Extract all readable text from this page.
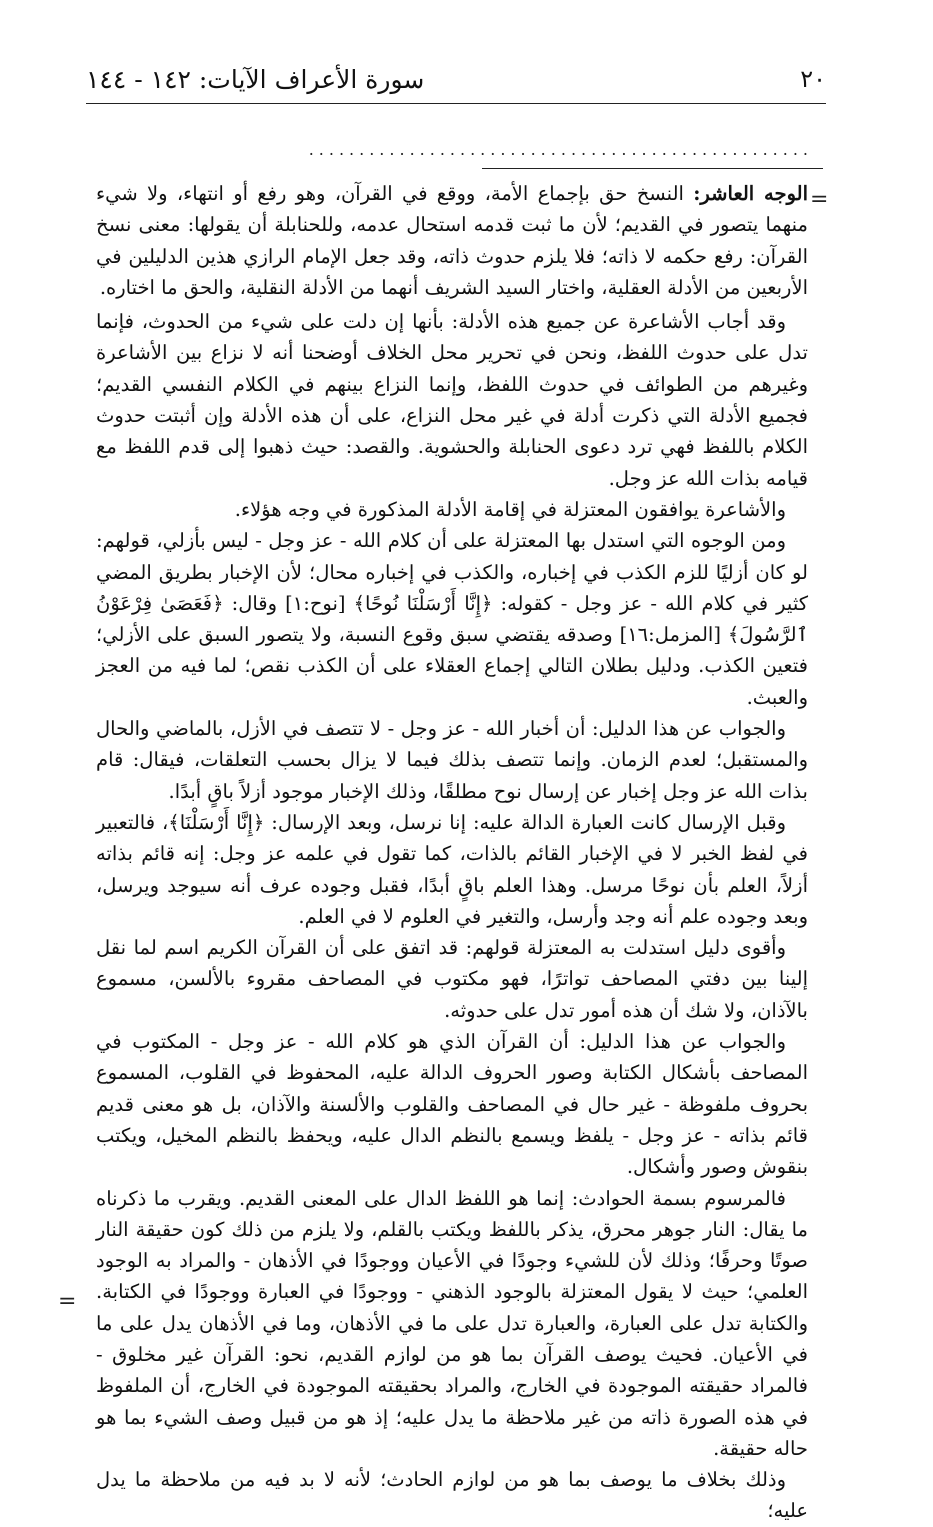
سورة الأعراف الآيات: ١٤٢ - ١٤٤	٢٠
..................................................
=
=

الوجه العاشر: النسخ حق بإجماع الأمة، ووقع في القرآن، وهو رفع أو انتهاء، ولا شيء منهما يتصور في القديم؛ لأن ما ثبت قدمه استحال عدمه، وللحنابلة أن يقولها: معنى نسخ القرآن: رفع حكمه لا ذاته؛ فلا يلزم حدوث ذاته، وقد جعل الإمام الرازي هذين الدليلين في الأربعين من الأدلة العقلية، واختار السيد الشريف أنهما من الأدلة النقلية، والحق ما اختاره.

وقد أجاب الأشاعرة عن جميع هذه الأدلة: بأنها إن دلت على شيء من الحدوث، فإنما تدل على حدوث اللفظ، ونحن في تحرير محل الخلاف أوضحنا أنه لا نزاع بين الأشاعرة وغيرهم من الطوائف في حدوث اللفظ، وإنما النزاع بينهم في الكلام النفسي القديم؛ فجميع الأدلة التي ذكرت أدلة في غير محل النزاع، على أن هذه الأدلة وإن أثبتت حدوث الكلام باللفظ فهي ترد دعوى الحنابلة والحشوية. والقصد: حيث ذهبوا إلى قدم اللفظ مع قيامه بذات الله عز وجل.

والأشاعرة يوافقون المعتزلة في إقامة الأدلة المذكورة في وجه هؤلاء.

ومن الوجوه التي استدل بها المعتزلة على أن كلام الله - عز وجل - ليس بأزلي، قولهم: لو كان أزليًا للزم الكذب في إخباره، والكذب في إخباره محال؛ لأن الإخبار بطريق المضي كثير في كلام الله - عز وجل - كقوله: ﴿إِنَّا أَرْسَلْنَا نُوحًا﴾ [نوح:١] وقال: ﴿فَعَصَىٰ فِرْعَوْنُ ٱلرَّسُولَ﴾ [المزمل:١٦] وصدقه يقتضي سبق وقوع النسبة، ولا يتصور السبق على الأزلي؛ فتعين الكذب. ودليل بطلان التالي إجماع العقلاء على أن الكذب نقص؛ لما فيه من العجز والعبث.

والجواب عن هذا الدليل: أن أخبار الله - عز وجل - لا تتصف في الأزل، بالماضي والحال والمستقبل؛ لعدم الزمان. وإنما تتصف بذلك فيما لا يزال بحسب التعلقات، فيقال: قام بذات الله عز وجل إخبار عن إرسال نوح مطلقًا، وذلك الإخبار موجود أزلاً باقٍ أبدًا.

وقبل الإرسال كانت العبارة الدالة عليه: إنا نرسل، وبعد الإرسال: ﴿إِنَّا أَرْسَلْنَا﴾، فالتعبير في لفظ الخبر لا في الإخبار القائم بالذات، كما تقول في علمه عز وجل: إنه قائم بذاته أزلاً، العلم بأن نوحًا مرسل. وهذا العلم باقٍ أبدًا، فقبل وجوده عرف أنه سيوجد ويرسل، وبعد وجوده علم أنه وجد وأرسل، والتغير في العلوم لا في العلم.

وأقوى دليل استدلت به المعتزلة قولهم: قد اتفق على أن القرآن الكريم اسم لما نقل إلينا بين دفتي المصاحف تواترًا، فهو مكتوب في المصاحف مقروء بالألسن، مسموع بالآذان، ولا شك أن هذه أمور تدل على حدوثه.

والجواب عن هذا الدليل: أن القرآن الذي هو كلام الله - عز وجل - المكتوب في المصاحف بأشكال الكتابة وصور الحروف الدالة عليه، المحفوظ في القلوب، المسموع بحروف ملفوظة - غير حال في المصاحف والقلوب والألسنة والآذان، بل هو معنى قديم قائم بذاته - عز وجل - يلفظ ويسمع بالنظم الدال عليه، ويحفظ بالنظم المخيل، ويكتب بنقوش وصور وأشكال.

فالمرسوم بسمة الحوادث: إنما هو اللفظ الدال على المعنى القديم. ويقرب ما ذكرناه ما يقال: النار جوهر محرق، يذكر باللفظ ويكتب بالقلم، ولا يلزم من ذلك كون حقيقة النار صوتًا وحرفًا؛ وذلك لأن للشيء وجودًا في الأعيان ووجودًا في الأذهان - والمراد به الوجود العلمي؛ حيث لا يقول المعتزلة بالوجود الذهني - ووجودًا في العبارة ووجودًا في الكتابة. والكتابة تدل على العبارة، والعبارة تدل على ما في الأذهان، وما في الأذهان يدل على ما في الأعيان. فحيث يوصف القرآن بما هو من لوازم القديم، نحو: القرآن غير مخلوق - فالمراد حقيقته الموجودة في الخارج، والمراد بحقيقته الموجودة في الخارج، أن الملفوظ في هذه الصورة ذاته من غير ملاحظة ما يدل عليه؛ إذ هو من قبيل وصف الشيء بما هو حاله حقيقة.

وذلك بخلاف ما يوصف بما هو من لوازم الحادث؛ لأنه لا بد فيه من ملاحظة ما يدل عليه؛
